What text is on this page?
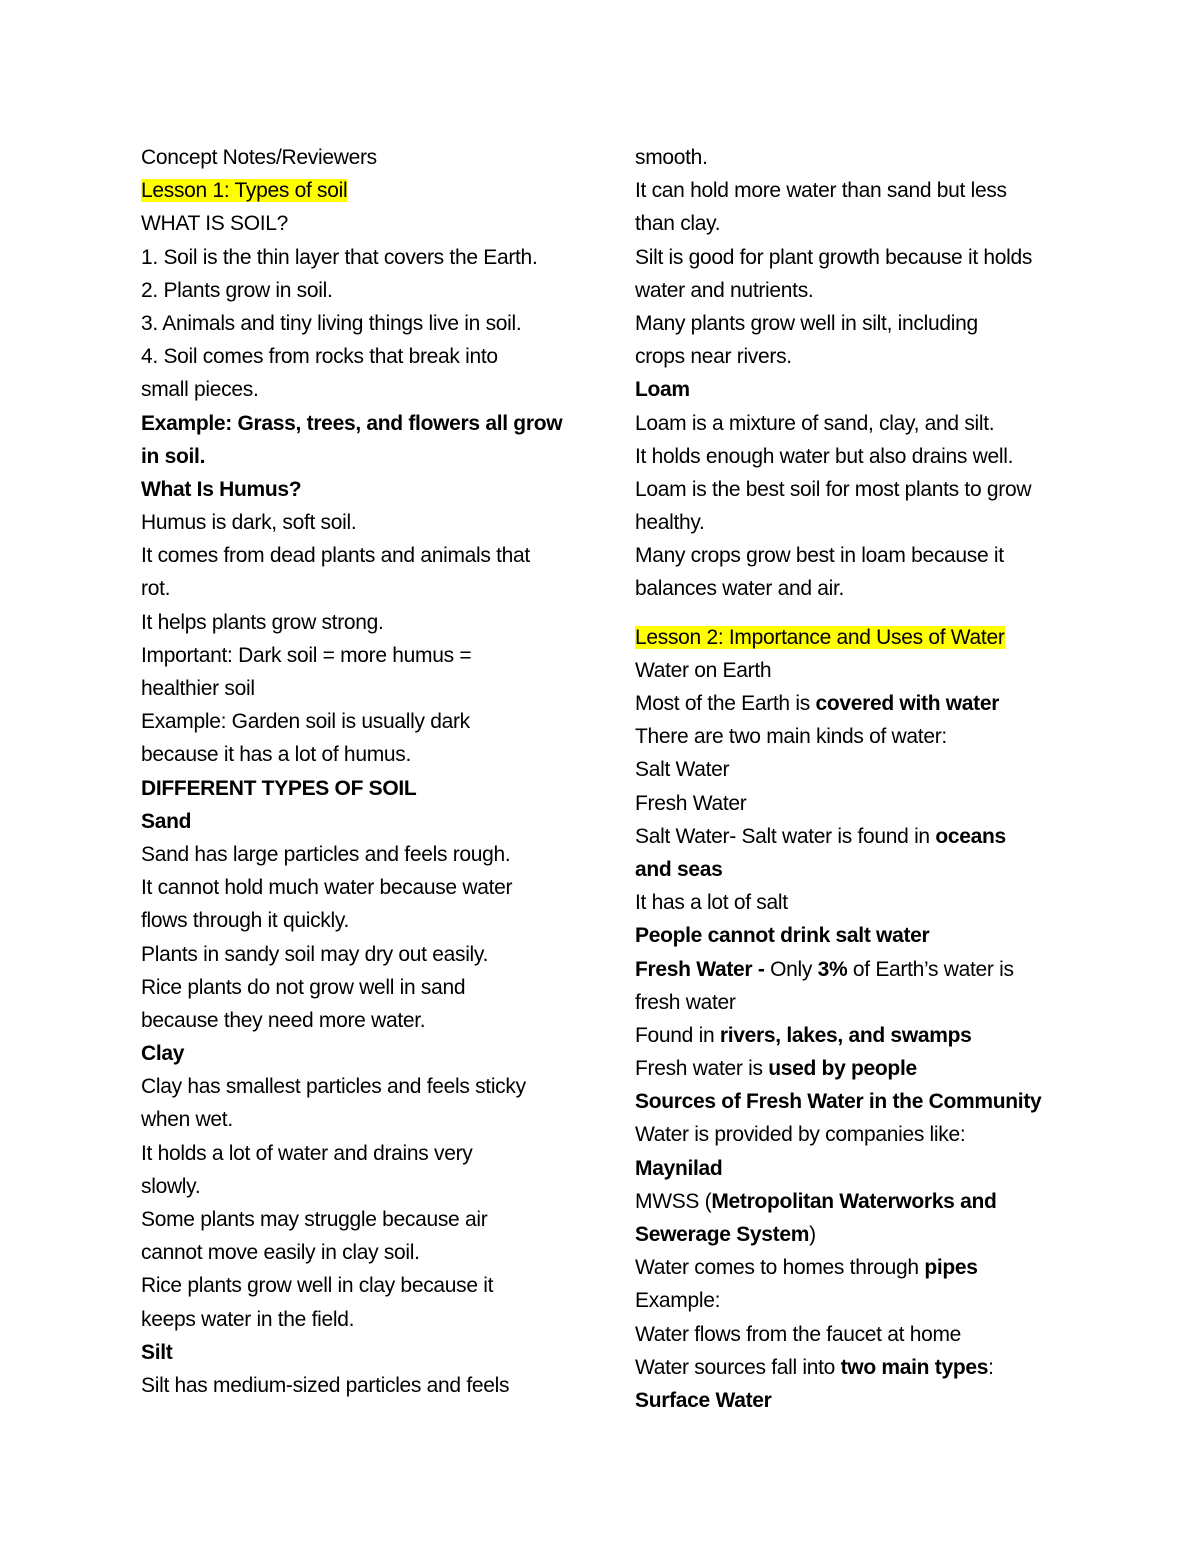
Concept Notes/Reviewers
Lesson 1: Types of soil
WHAT IS SOIL?
1. Soil is the thin layer that covers the Earth.
2. Plants grow in soil.
3. Animals and tiny living things live in soil.
4. Soil comes from rocks that break into
small pieces.
Example: Grass, trees, and flowers all grow
in soil.
What Is Humus?
Humus is dark, soft soil.
It comes from dead plants and animals that
rot.
It helps plants grow strong.
Important: Dark soil = more humus =
healthier soil
Example: Garden soil is usually dark
because it has a lot of humus.
DIFFERENT TYPES OF SOIL
Sand
Sand has large particles and feels rough.
It cannot hold much water because water
flows through it quickly.
Plants in sandy soil may dry out easily.
Rice plants do not grow well in sand
because they need more water.
Clay
Clay has smallest particles and feels sticky
when wet.
It holds a lot of water and drains very
slowly.
Some plants may struggle because air
cannot move easily in clay soil.
Rice plants grow well in clay because it
keeps water in the field.
Silt
Silt has medium-sized particles and feels
smooth.
It can hold more water than sand but less
than clay.
Silt is good for plant growth because it holds
water and nutrients.
Many plants grow well in silt, including
crops near rivers.
Loam
Loam is a mixture of sand, clay, and silt.
It holds enough water but also drains well.
Loam is the best soil for most plants to grow
healthy.
Many crops grow best in loam because it
balances water and air.
Lesson 2: Importance and Uses of Water
Water on Earth
Most of the Earth is covered with water
There are two main kinds of water:
Salt Water
Fresh Water
Salt Water- Salt water is found in oceans
and seas
It has a lot of salt
People cannot drink salt water
Fresh Water - Only 3% of Earth’s water is
fresh water
Found in rivers, lakes, and swamps
Fresh water is used by people
Sources of Fresh Water in the Community
Water is provided by companies like:
Maynilad
MWSS (Metropolitan Waterworks and
Sewerage System)
Water comes to homes through pipes
Example:
Water flows from the faucet at home
Water sources fall into two main types:
Surface Water
